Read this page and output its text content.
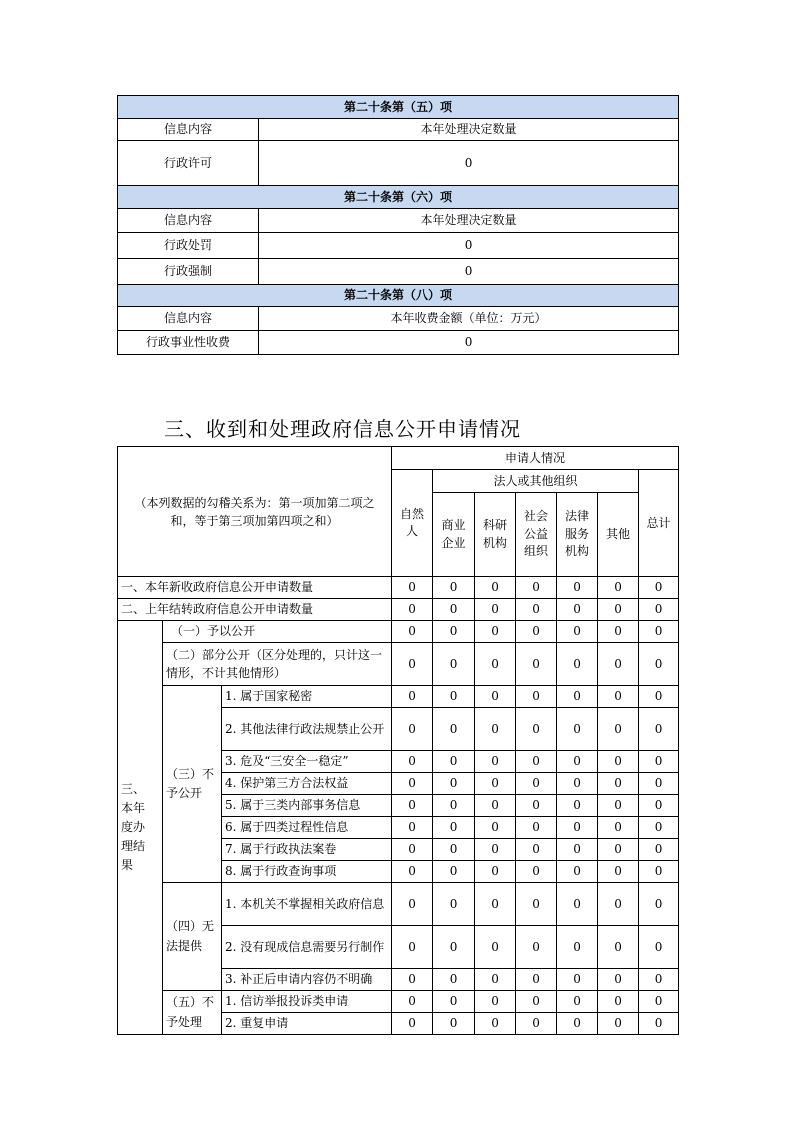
第二十条第（五）项	
信息内容	本年处理决定数量
行政许可	0
第二十条第（六）项	
信息内容	本年处理决定数量
行政处罚	0
行政强制	0
第二十条第（八）项	
信息内容	本年收费金额（单位：万元）
行政事业性收费	0
三、收到和处理政府信息公开申请情况
（本列数据的勾稽关系为：第一项加第二项之和，等于第三项加第四项之和）			申请人情况						

			自然人	法人或其他组织					总计

				商业企业	科研机构	社会公益组织	法律服务机构	其他	
一、本年新收政府信息公开申请数量			0	0	0	0	0	0	0
二、上年结转政府信息公开申请数量			0	0	0	0	0	0	0

三、本年度办理结果	（一）予以公开		0	0	0	0	0	0	0
	（二）部分公开（区分处理的，只计这一情形，不计其他情形）		0	0	0	0	0	0	0

	（三）不予公开	1. 属于国家秘密	0	0	0	0	0	0	0
		2. 其他法律行政法规禁止公开	0	0	0	0	0	0	0
		3. 危及“三安全一稳定”	0	0	0	0	0	0	0
		4. 保护第三方合法权益	0	0	0	0	0	0	0
		5. 属于三类内部事务信息	0	0	0	0	0	0	0
		6. 属于四类过程性信息	0	0	0	0	0	0	0
		7. 属于行政执法案卷	0	0	0	0	0	0	0
		8. 属于行政查询事项	0	0	0	0	0	0	0

	（四）无法提供	1. 本机关不掌握相关政府信息	0	0	0	0	0	0	0
		2. 没有现成信息需要另行制作	0	0	0	0	0	0	0
		3. 补正后申请内容仍不明确	0	0	0	0	0	0	0

	（五）不予处理	1. 信访举报投诉类申请	0	0	0	0	0	0	0
		2. 重复申请	0	0	0	0	0	0	0
